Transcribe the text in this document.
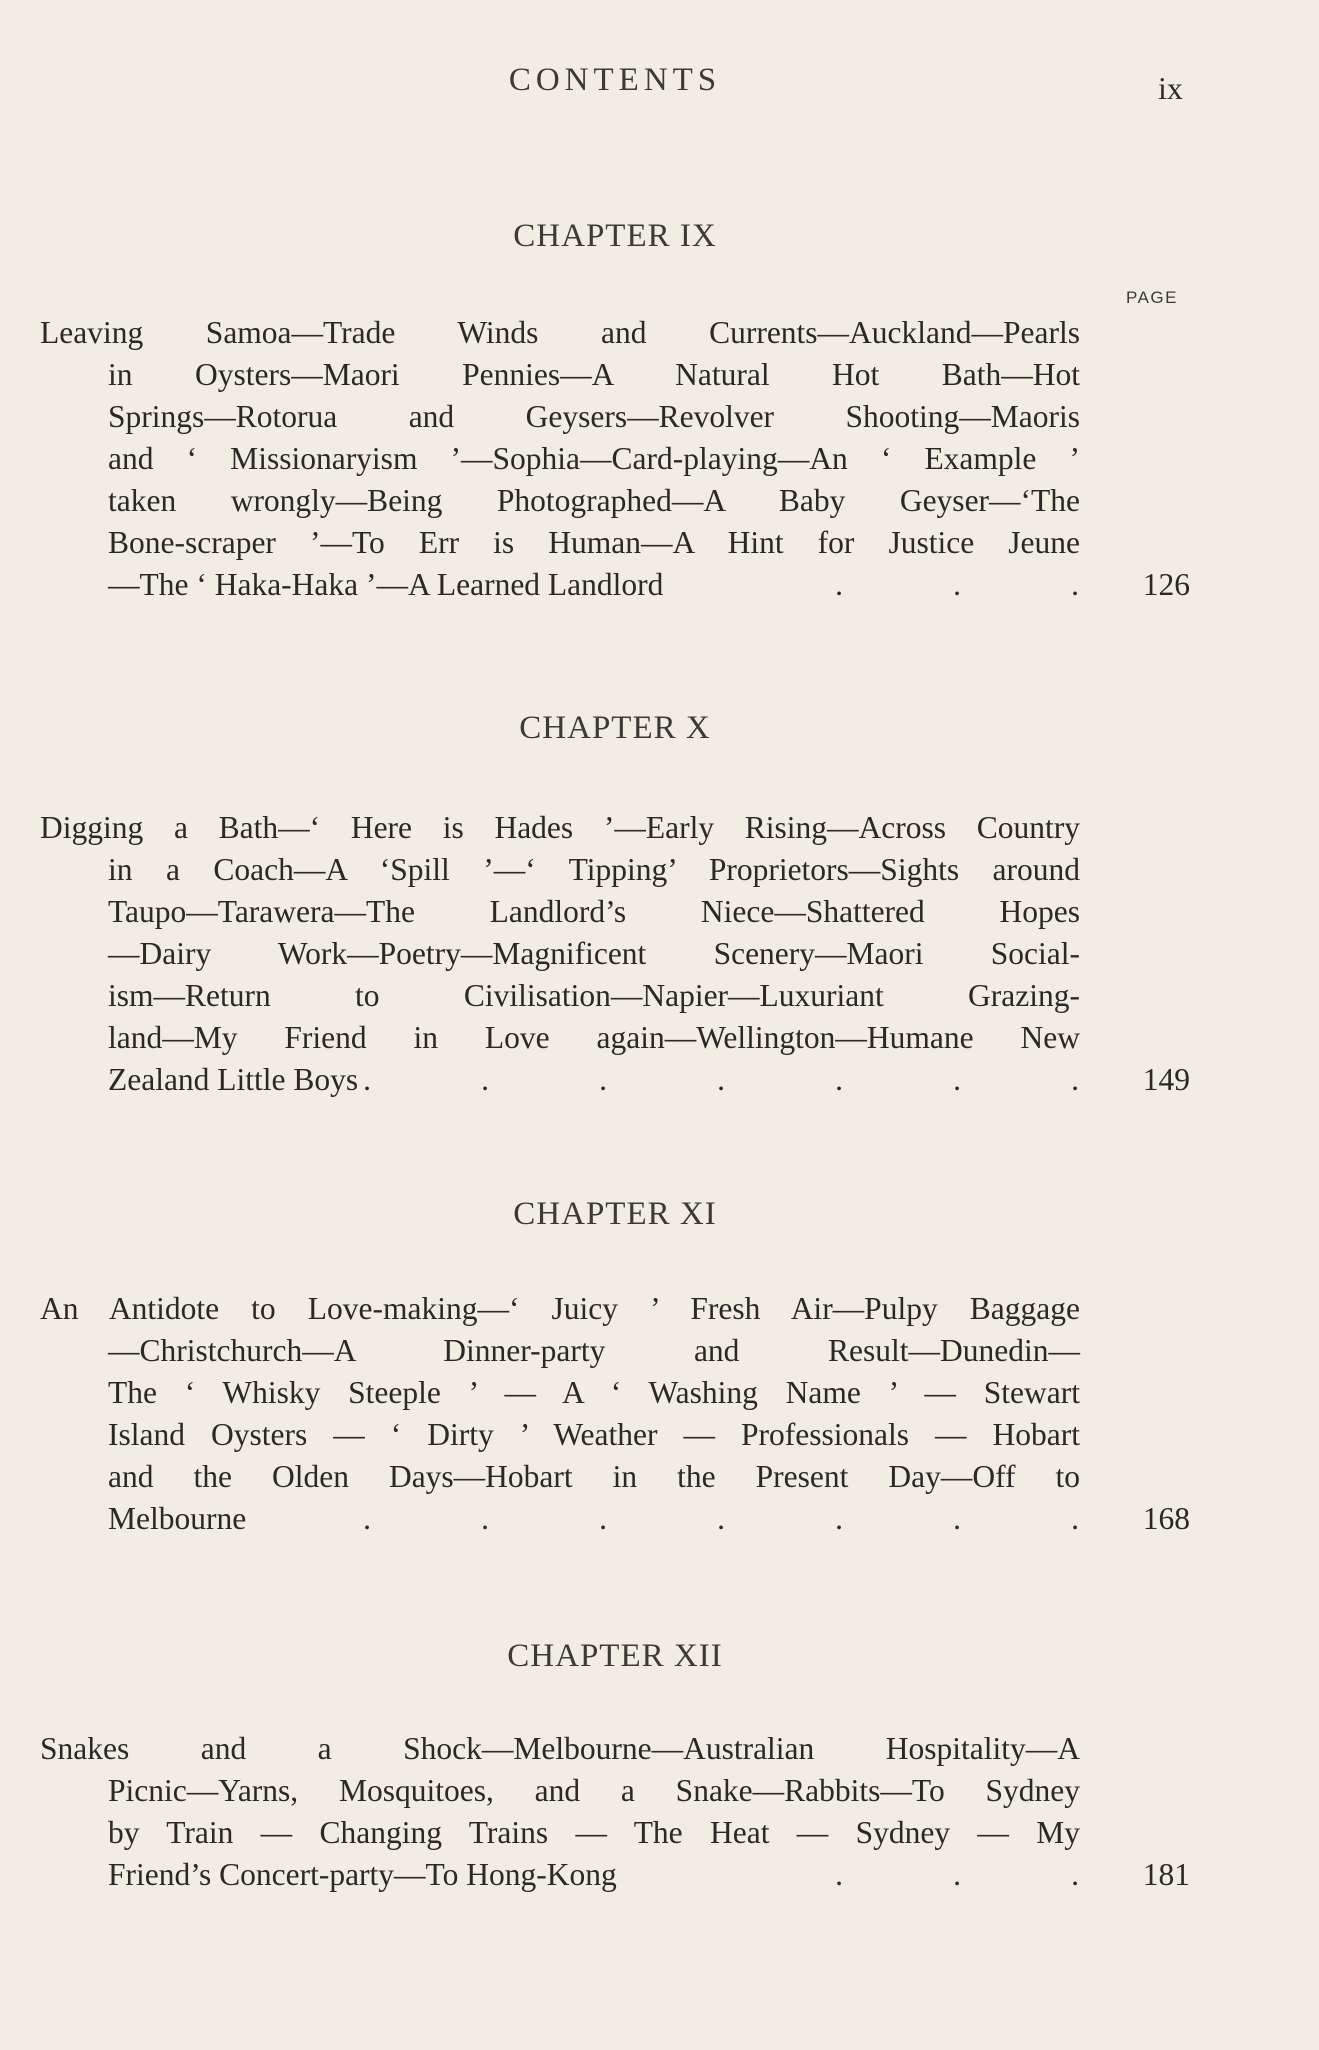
CONTENTS	ix
PAGE
CHAPTER IX
Leaving Samoa—Trade Winds and Currents—Auckland—Pearls
in Oysters—Maori Pennies—A Natural Hot Bath—Hot
Springs—Rotorua and Geysers—Revolver Shooting—Maoris
and ‘ Missionaryism ’—Sophia—Card-playing—An ‘ Example ’
taken wrongly—Being Photographed—A Baby Geyser—‘The
Bone-scraper ’—To Err is Human—A Hint for Justice Jeune
—The ‘ Haka-Haka ’—A Learned Landlord	.	.	.	126
CHAPTER X
Digging a Bath—‘ Here is Hades ’—Early Rising—Across Country
in a Coach—A ‘Spill ’—‘ Tipping’ Proprietors—Sights around
Taupo—Tarawera—The Landlord’s Niece—Shattered Hopes
—Dairy Work—Poetry—Magnificent Scenery—Maori Social-
ism—Return to Civilisation—Napier—Luxuriant Grazing-
land—My Friend in Love again—Wellington—Humane New
Zealand Little Boys .	.	.	.	.	.	.	149
CHAPTER XI
An Antidote to Love-making—‘ Juicy ’ Fresh Air—Pulpy Baggage
—Christchurch—A Dinner-party and Result—Dunedin—
The ‘ Whisky Steeple ’ — A ‘ Washing Name ’ — Stewart
Island Oysters — ‘ Dirty ’ Weather — Professionals — Hobart
and the Olden Days—Hobart in the Present Day—Off to
Melbourne	.	.	.	.	.	.	.	168
CHAPTER XII
Snakes and a Shock—Melbourne—Australian Hospitality—A
Picnic—Yarns, Mosquitoes, and a Snake—Rabbits—To Sydney
by Train — Changing Trains — The Heat — Sydney — My
Friend’s Concert-party—To Hong-Kong	.	.	.	181
